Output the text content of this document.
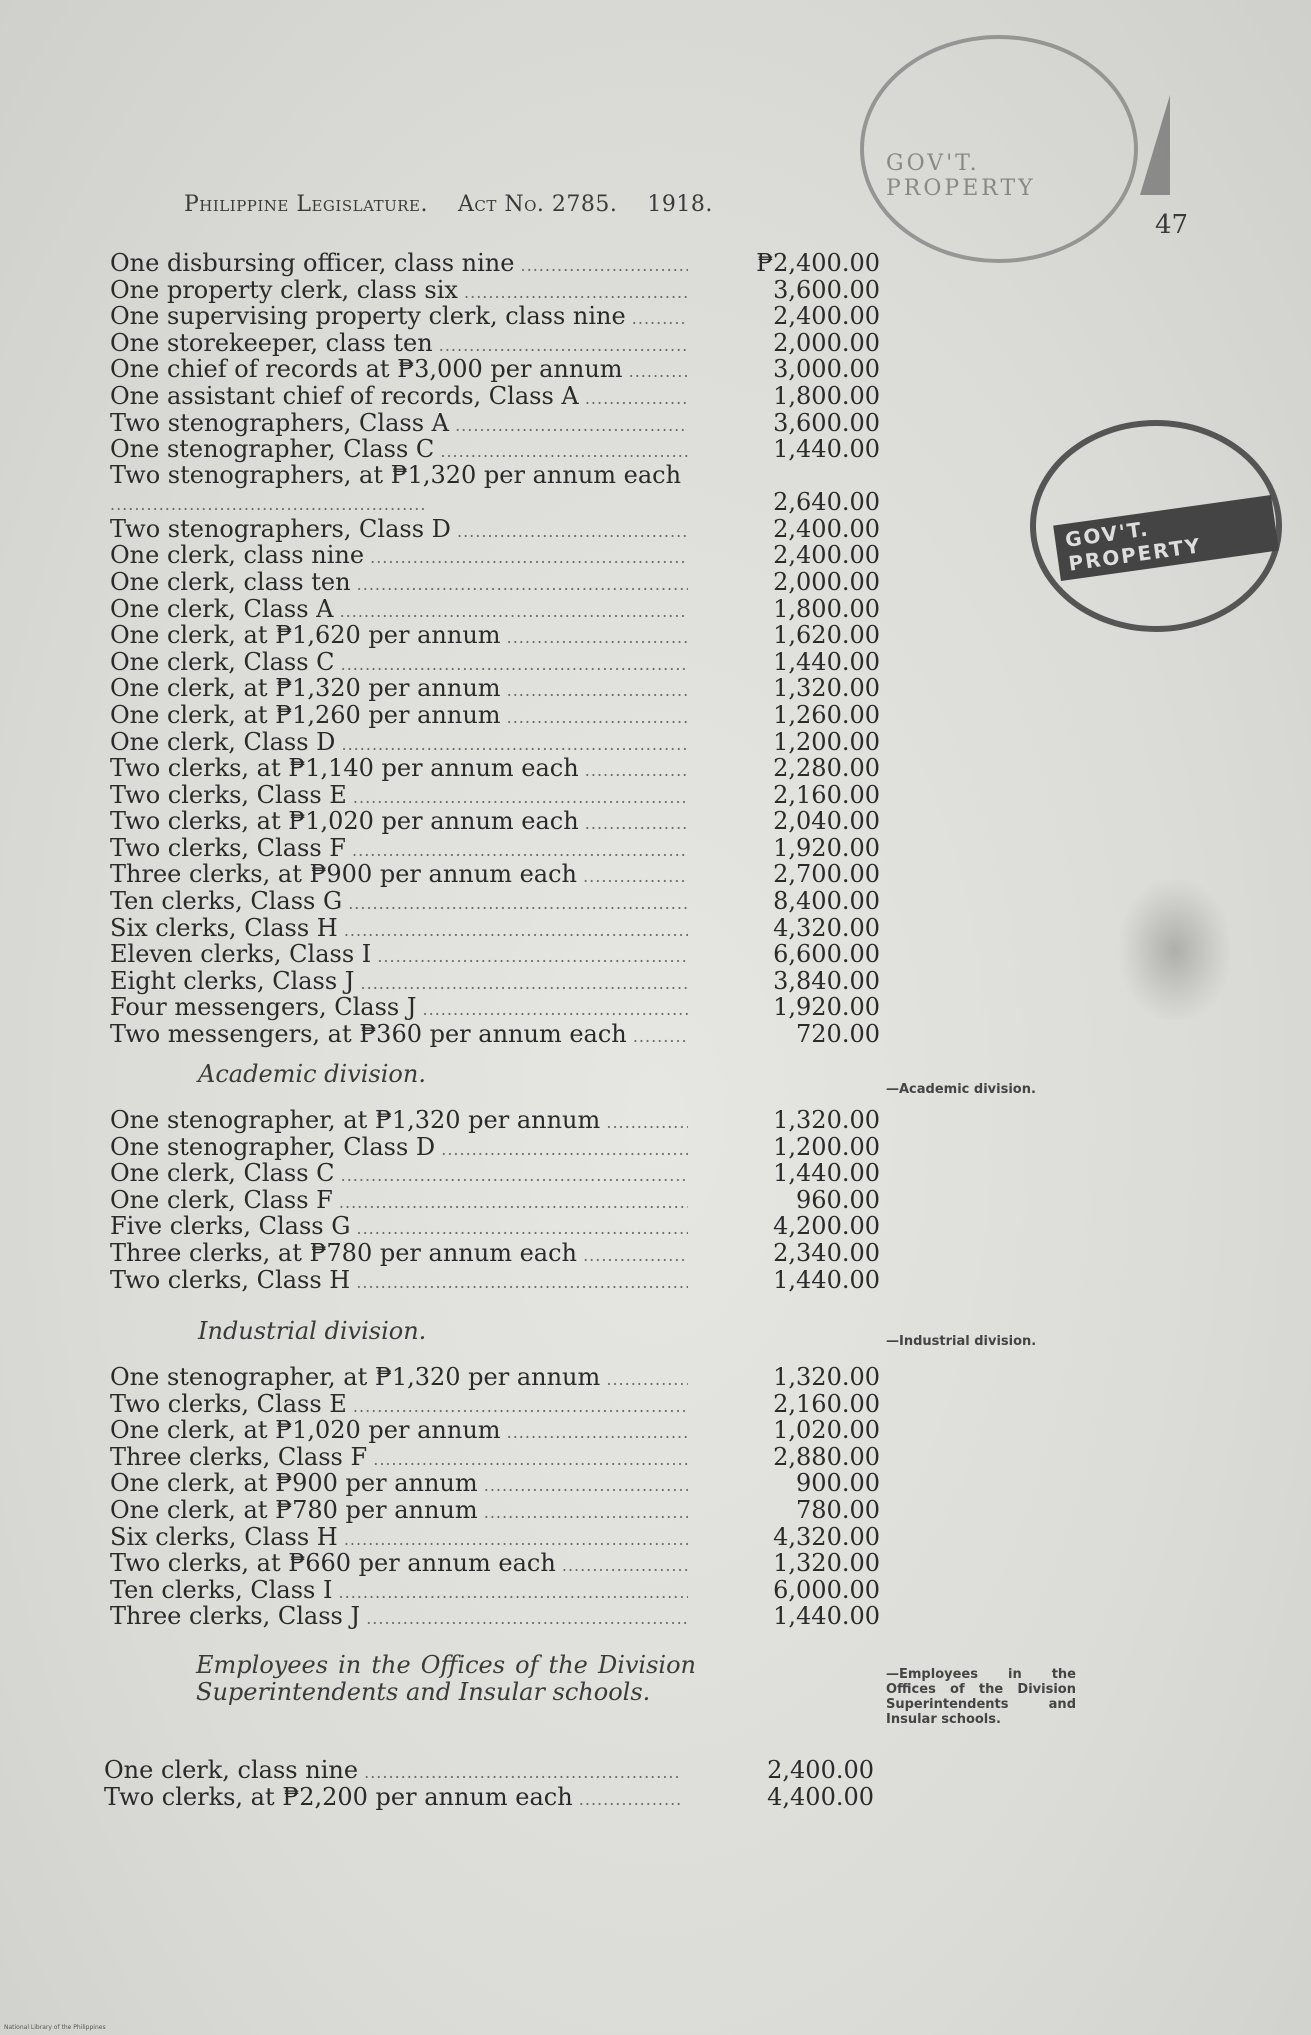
GOV'T. PROPERTY
GOV'T. PROPERTY
Philippine Legislature. Act No. 2785. 1918.
47
One disbursing officer, class nine .....	₱2,400.00
One property clerk, class six .....	3,600.00
One supervising property clerk, class nine .....	2,400.00
One storekeeper, class ten .....	2,000.00
One chief of records at ₱3,000 per annum .....	3,000.00
One assistant chief of records, Class A .....	1,800.00
Two stenographers, Class A .....	3,600.00
One stenographer, Class C .....	1,440.00
Two stenographers, at ₱1,320 per annum each ....................................................	2,640.00
Two stenographers, Class D .....	2,400.00
One clerk, class nine .....	2,400.00
One clerk, class ten .....	2,000.00
One clerk, Class A .....	1,800.00
One clerk, at ₱1,620 per annum .....	1,620.00
One clerk, Class C .....	1,440.00
One clerk, at ₱1,320 per annum .....	1,320.00
One clerk, at ₱1,260 per annum .....	1,260.00
One clerk, Class D .....	1,200.00
Two clerks, at ₱1,140 per annum each .....	2,280.00
Two clerks, Class E .....	2,160.00
Two clerks, at ₱1,020 per annum each .....	2,040.00
Two clerks, Class F .....	1,920.00
Three clerks, at ₱900 per annum each .....	2,700.00
Ten clerks, Class G .....	8,400.00
Six clerks, Class H .....	4,320.00
Eleven clerks, Class I .....	6,600.00
Eight clerks, Class J .....	3,840.00
Four messengers, Class J .....	1,920.00
Two messengers, at ₱360 per annum each .....	720.00
Academic division.
—Academic division.
One stenographer, at ₱1,320 per annum .....	1,320.00
One stenographer, Class D .....	1,200.00
One clerk, Class C .....	1,440.00
One clerk, Class F .....	960.00
Five clerks, Class G .....	4,200.00
Three clerks, at ₱780 per annum each .....	2,340.00
Two clerks, Class H .....	1,440.00
Industrial division.	—Industrial division.
One stenographer, at ₱1,320 per annum .....	1,320.00
Two clerks, Class E .....	2,160.00
One clerk, at ₱1,020 per annum .....	1,020.00
Three clerks, Class F .....	2,880.00
One clerk, at ₱900 per annum .....	900.00
One clerk, at ₱780 per annum .....	780.00
Six clerks, Class H .....	4,320.00
Two clerks, at ₱660 per annum each .....	1,320.00
Ten clerks, Class I .....	6,000.00
Three clerks, Class J .....	1,440.00
Employees in the Offices of the Division Superintendents and Insular schools.
—Employees in the Offices of the Division Superintendents and Insular schools.
One clerk, class nine .....	2,400.00
Two clerks, at ₱2,200 per annum each .....	4,400.00
National Library of the Philippines
